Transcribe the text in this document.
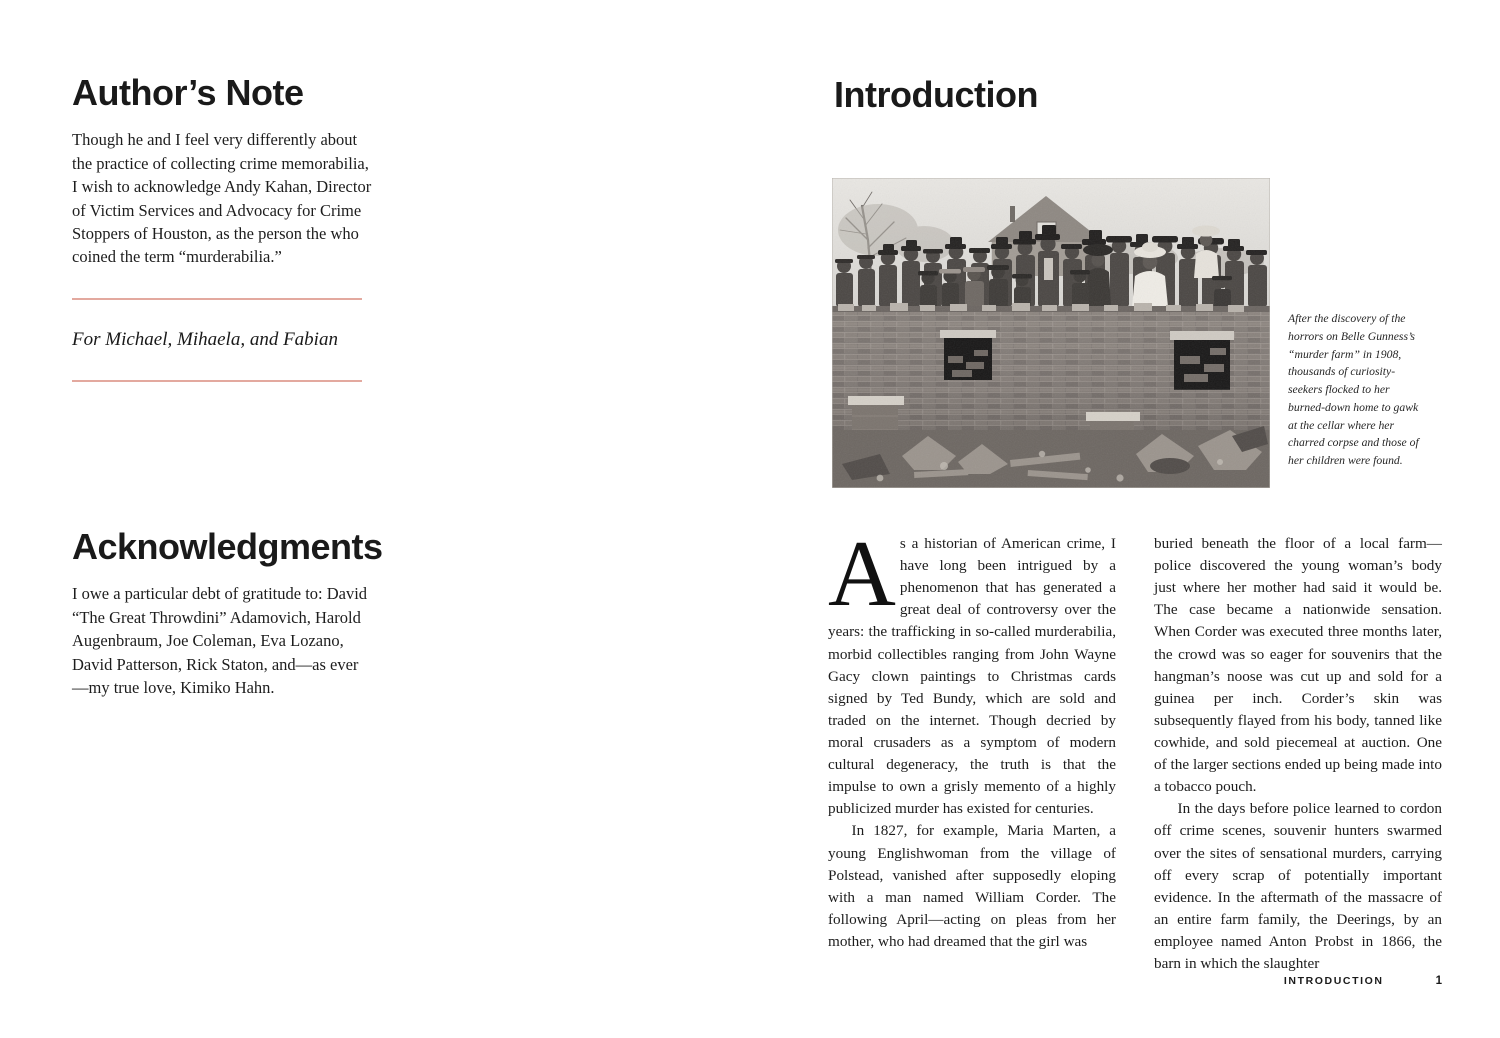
Author’s Note

Though he and I feel very differently about the practice of collecting crime memorabilia, I wish to acknowledge Andy Kahan, Director of Victim Services and Advocacy for Crime Stoppers of Houston, as the person the who coined the term “murderabilia.”

For Michael, Mihaela, and Fabian
Acknowledgments

I owe a particular debt of gratitude to: David “The Great Throwdini” Adamovich, Harold Augenbraum, Joe Coleman, Eva Lozano, David Patterson, Rick Staton, and—as ever—my true love, Kimiko Hahn.

Introduction
After the discovery of the horrors on Belle Gunness’s “murder farm” in 1908, thousands of curiosity-seekers flocked to her burned-down home to gawk at the cellar where her charred corpse and those of her children were found.

As a historian of American crime, I have long been intrigued by a phenomenon that has generated a great deal of controversy over the years: the trafficking in so-called murderabilia, morbid collectibles ranging from John Wayne Gacy clown paintings to Christmas cards signed by Ted Bundy, which are sold and traded on the internet. Though decried by moral crusaders as a symptom of modern cultural degeneracy, the truth is that the impulse to own a grisly memento of a highly publicized murder has existed for centuries.

In 1827, for example, Maria Marten, a young Englishwoman from the village of Polstead, vanished after supposedly eloping with a man named William Corder. The following April—acting on pleas from her mother, who had dreamed that the girl was

buried beneath the floor of a local farm—police discovered the young woman’s body just where her mother had said it would be. The case became a nationwide sensation. When Corder was executed three months later, the crowd was so eager for souvenirs that the hangman’s noose was cut up and sold for a guinea per inch. Corder’s skin was subsequently flayed from his body, tanned like cowhide, and sold piecemeal at auction. One of the larger sections ended up being made into a tobacco pouch.

In the days before police learned to cordon off crime scenes, souvenir hunters swarmed over the sites of sensational murders, carrying off every scrap of potentially important evidence. In the aftermath of the massacre of an entire farm family, the Deerings, by an employee named Anton Probst in 1866, the barn in which the slaughter

INTRODUCTION	1
